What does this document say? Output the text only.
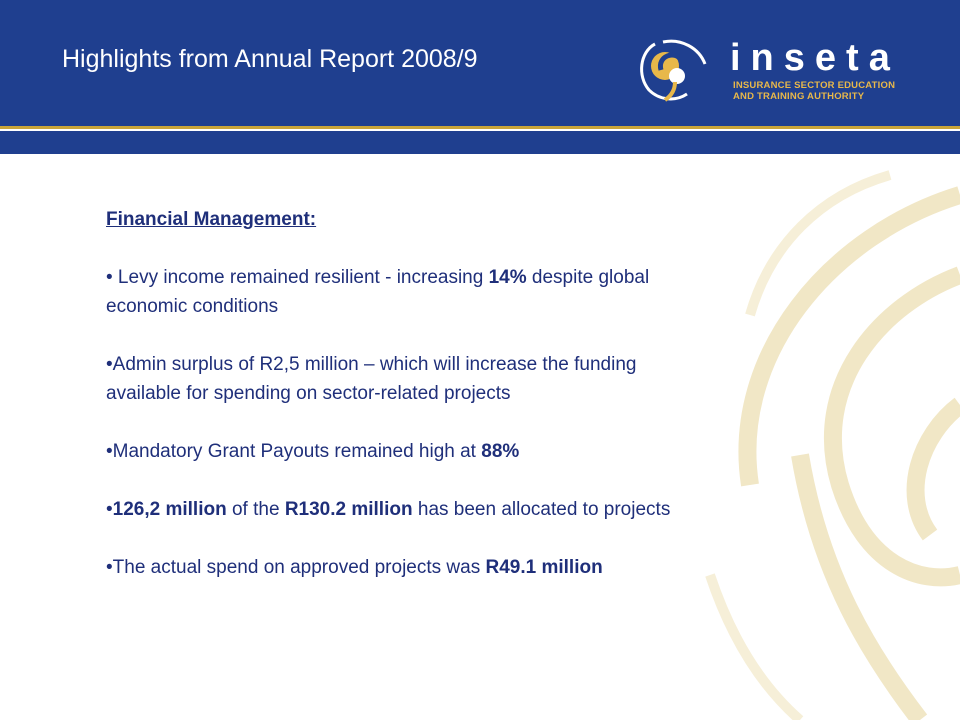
Highlights from Annual Report 2008/9	inseta
INSURANCE SECTOR EDUCATION
AND TRAINING AUTHORITY

Financial Management:

• Levy income remained resilient - increasing 14% despite global

economic conditions

•Admin surplus of R2,5 million – which will increase the funding

available for spending on sector-related projects

•Mandatory Grant Payouts remained high at 88%

•126,2 million of the R130.2 million has been allocated to projects

•The actual spend on approved projects was R49.1 million
